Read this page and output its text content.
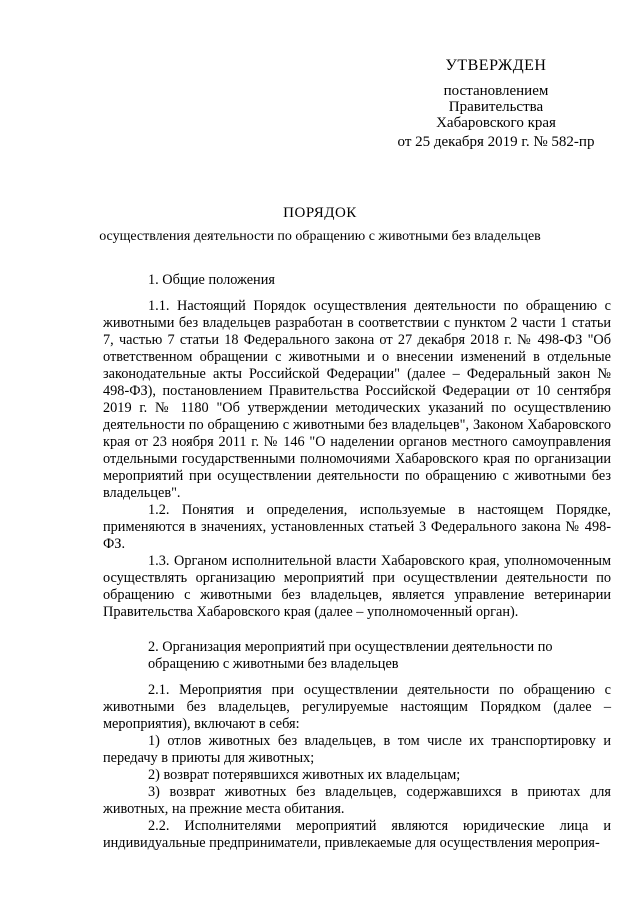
УТВЕРЖДЕН
постановлением
Правительства
Хабаровского края
от 25 декабря 2019 г. № 582-пр
ПОРЯДОК
осуществления деятельности по обращению с животными без владельцев

1. Общие положения

1.1. Настоящий Порядок осуществления деятельности по обращению с животными без владельцев разработан в соответствии с пунктом 2 части 1 статьи 7, частью 7 статьи 18 Федерального закона от 27 декабря 2018 г. № 498-ФЗ "Об ответственном обращении с животными и о внесении изменений в отдельные законодательные акты Российской Федерации" (далее – Федеральный закон № 498-ФЗ), постановлением Правительства Российской Федерации от 10 сентября 2019 г. № 1180 "Об утверждении методических указаний по осуществлению деятельности по обращению с животными без владельцев", Законом Хабаровского края от 23 ноября 2011 г. № 146 "О наделении органов местного самоуправления отдельными государственными полномочиями Хабаровского края по организации мероприятий при осуществлении деятельности по обращению с животными без владельцев".

1.2. Понятия и определения, используемые в настоящем Порядке, применяются в значениях, установленных статьей 3 Федерального закона № 498-ФЗ.

1.3. Органом исполнительной власти Хабаровского края, уполномоченным осуществлять организацию мероприятий при осуществлении деятельности по обращению с животными без владельцев, является управление ветеринарии Правительства Хабаровского края (далее – уполномоченный орган).

2. Организация мероприятий при осуществлении деятельности по обращению с животными без владельцев

2.1. Мероприятия при осуществлении деятельности по обращению с животными без владельцев, регулируемые настоящим Порядком (далее – мероприятия), включают в себя:

1) отлов животных без владельцев, в том числе их транспортировку и передачу в приюты для животных;

2) возврат потерявшихся животных их владельцам;

3) возврат животных без владельцев, содержавшихся в приютах для животных, на прежние места обитания.

2.2. Исполнителями мероприятий являются юридические лица и индивидуальные предприниматели, привлекаемые для осуществления мероприя-
